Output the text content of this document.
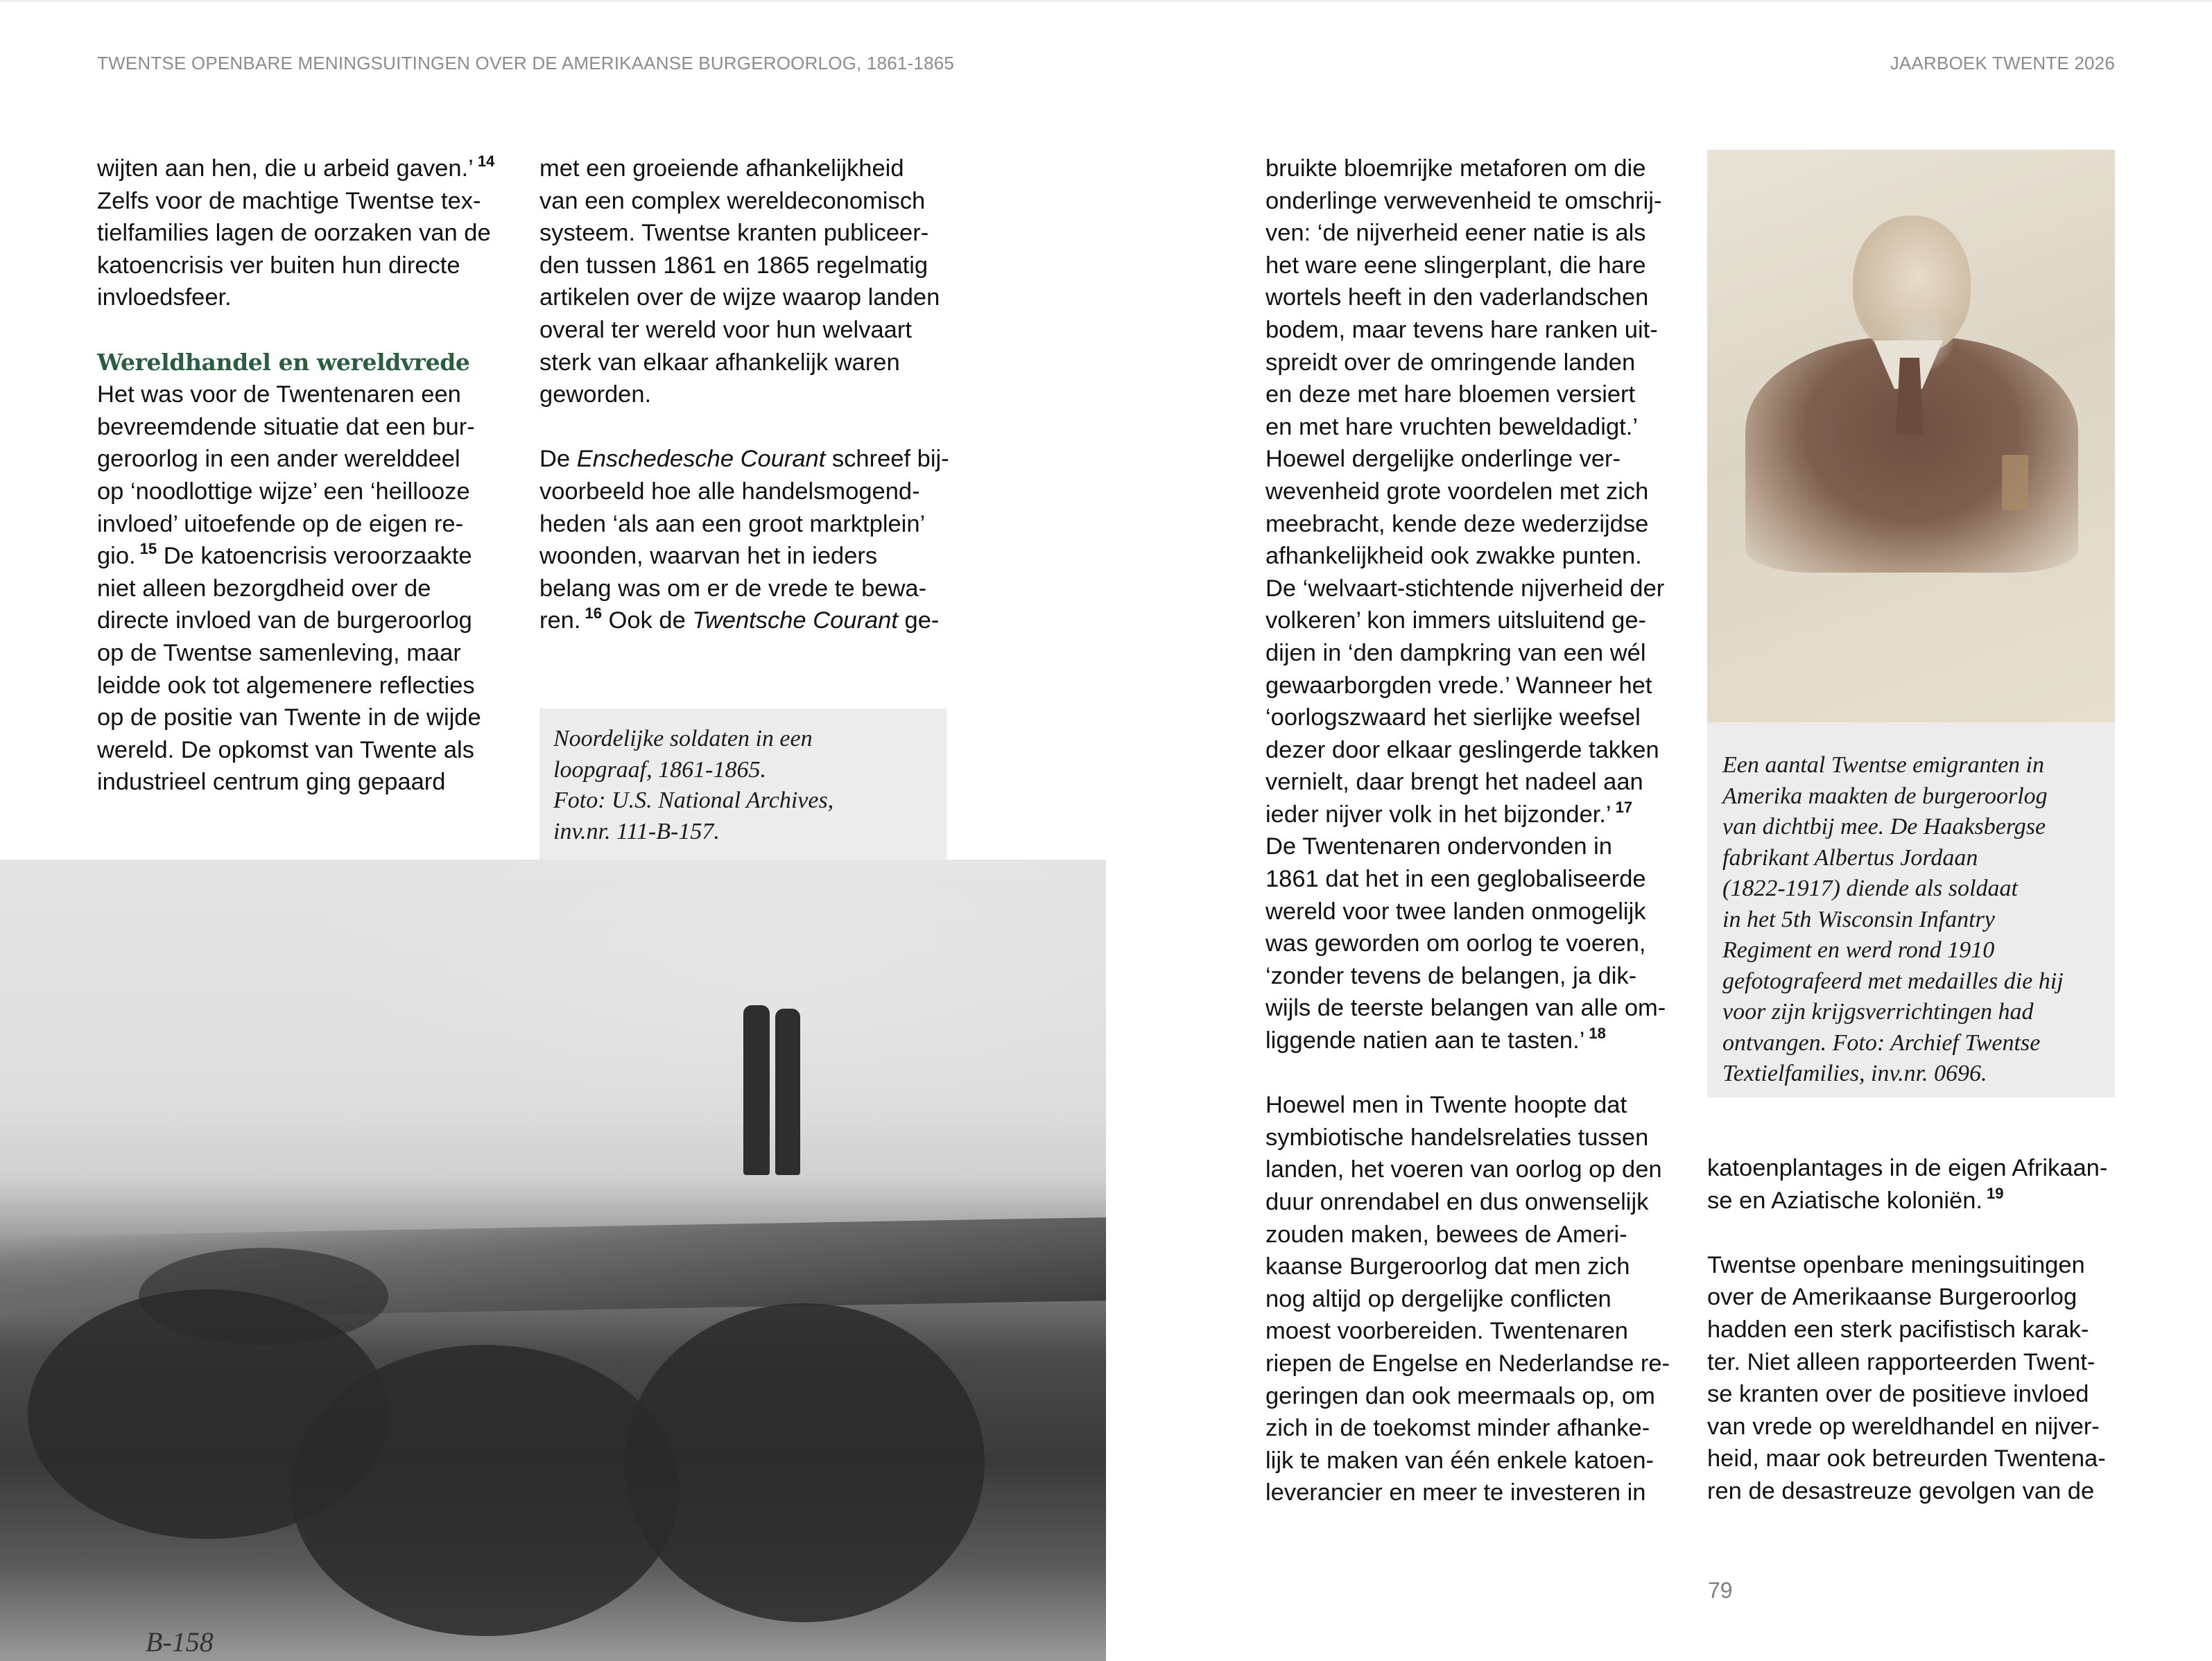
TWENTSE OPENBARE MENINGSUITINGEN OVER DE AMERIKAANSE BURGEROORLOG, 1861-1865	JAARBOEK TWENTE 2026
wijten aan hen, die u arbeid gaven.’ $^{14}$
Zelfs voor de machtige Twentse tex-
tielfamilies lagen de oorzaken van de
katoencrisis ver buiten hun directe
invloedsfeer.
Wereldhandel en wereldvrede
Het was voor de Twentenaren een
bevreemdende situatie dat een bur-
geroorlog in een ander werelddeel
op ‘noodlottige wijze’ een ‘heillooze
invloed’ uitoefende op de eigen re-
gio. $^{15}$ De katoencrisis veroorzaakte
niet alleen bezorgdheid over de
directe invloed van de burgeroorlog
op de Twentse samenleving, maar
leidde ook tot algemenere reflecties
op de positie van Twente in de wijde
wereld. De opkomst van Twente als
industrieel centrum ging gepaard
met een groeiende afhankelijkheid
van een complex wereldeconomisch
systeem. Twentse kranten publiceer-
den tussen 1861 en 1865 regelmatig
artikelen over de wijze waarop landen
overal ter wereld voor hun welvaart
sterk van elkaar afhankelijk waren
geworden.
De Enschedesche Courant schreef bij-
voorbeeld hoe alle handelsmogend-
heden ‘als aan een groot marktplein’
woonden, waarvan het in ieders
belang was om er de vrede te bewa-
ren. $^{16}$ Ook de Twentsche Courant ge-
Noordelijke soldaten in een
loopgraaf, 1861-1865.
Foto: U.S. National Archives,
inv.nr. 111-B-157.
B-158
bruikte bloemrijke metaforen om die
onderlinge verwevenheid te omschrij-
ven: ‘de nijverheid eener natie is als
het ware eene slingerplant, die hare
wortels heeft in den vaderlandschen
bodem, maar tevens hare ranken uit-
spreidt over de omringende landen
en deze met hare bloemen versiert
en met hare vruchten beweldadigt.’
Hoewel dergelijke onderlinge ver-
wevenheid grote voordelen met zich
meebracht, kende deze wederzijdse
afhankelijkheid ook zwakke punten.
De ‘welvaart-stichtende nijverheid der
volkeren’ kon immers uitsluitend ge-
dijen in ‘den dampkring van een wél
gewaarborgden vrede.’ Wanneer het
‘oorlogszwaard het sierlijke weefsel
dezer door elkaar geslingerde takken
vernielt, daar brengt het nadeel aan
ieder nijver volk in het bijzonder.’ $^{17}$
De Twentenaren ondervonden in
1861 dat het in een geglobaliseerde
wereld voor twee landen onmogelijk
was geworden om oorlog te voeren,
‘zonder tevens de belangen, ja dik-
wijls de teerste belangen van alle om-
liggende natien aan te tasten.’ $^{18}$
Hoewel men in Twente hoopte dat
symbiotische handelsrelaties tussen
landen, het voeren van oorlog op den
duur onrendabel en dus onwenselijk
zouden maken, bewees de Ameri-
kaanse Burgeroorlog dat men zich
nog altijd op dergelijke conflicten
moest voorbereiden. Twentenaren
riepen de Engelse en Nederlandse re-
geringen dan ook meermaals op, om
zich in de toekomst minder afhanke-
lijk te maken van één enkele katoen-
leverancier en meer te investeren in
Een aantal Twentse emigranten in
Amerika maakten de burgeroorlog
van dichtbij mee. De Haaksbergse
fabrikant Albertus Jordaan
(1822-1917) diende als soldaat
in het 5th Wisconsin Infantry
Regiment en werd rond 1910
gefotografeerd met medailles die hij
voor zijn krijgsverrichtingen had
ontvangen. Foto: Archief Twentse
Textielfamilies, inv.nr. 0696.
katoenplantages in de eigen Afrikaan-
se en Aziatische koloniën. $^{19}$
Twentse openbare meningsuitingen
over de Amerikaanse Burgeroorlog
hadden een sterk pacifistisch karak-
ter. Niet alleen rapporteerden Twent-
se kranten over de positieve invloed
van vrede op wereldhandel en nijver-
heid, maar ook betreurden Twentena-
ren de desastreuze gevolgen van de
79
